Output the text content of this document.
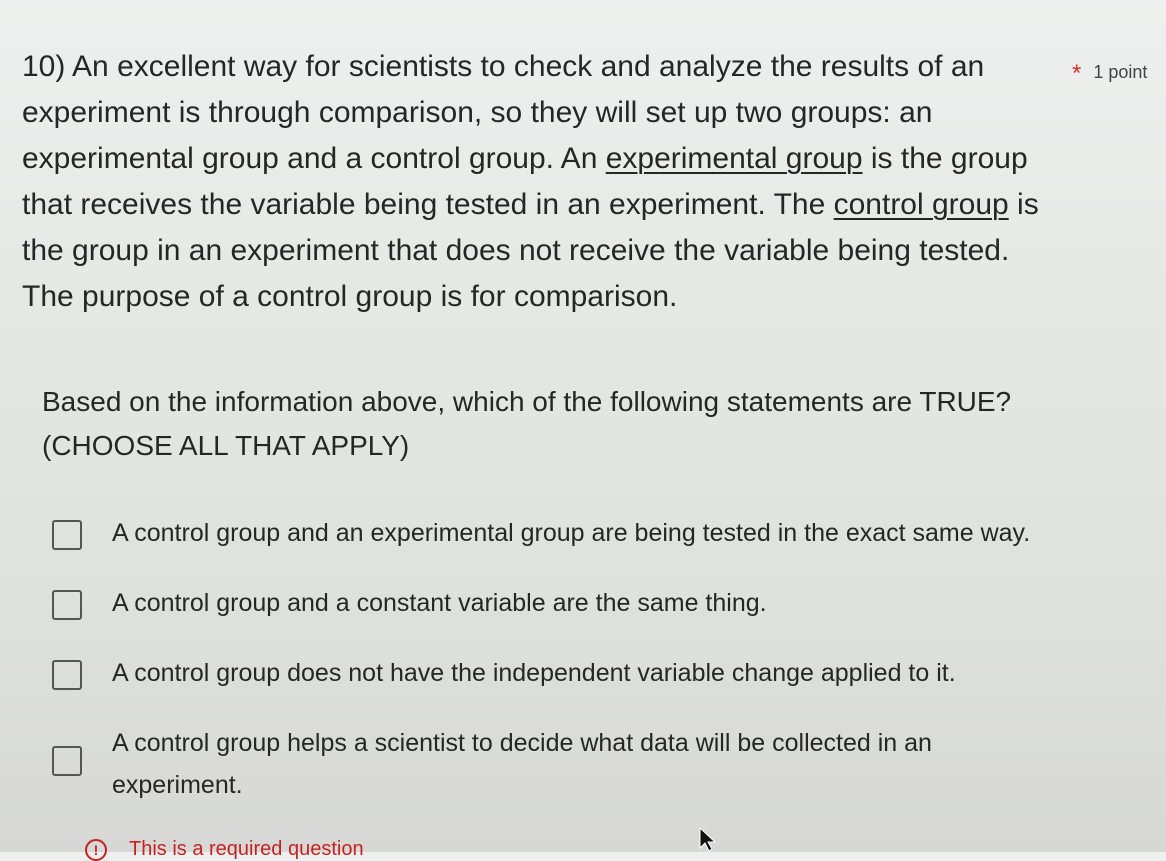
10) An excellent way for scientists to check and analyze the results of an experiment is through comparison, so they will set up two groups: an experimental group and a control group. An experimental group is the group that receives the variable being tested in an experiment. The control group is the group in an experiment that does not receive the variable being tested. The purpose of a control group is for comparison.
* 1 point
Based on the information above, which of the following statements are TRUE? (CHOOSE ALL THAT APPLY)
A control group and an experimental group are being tested in the exact same way.
A control group and a constant variable are the same thing.
A control group does not have the independent variable change applied to it.
A control group helps a scientist to decide what data will be collected in an experiment.
!	This is a required question
